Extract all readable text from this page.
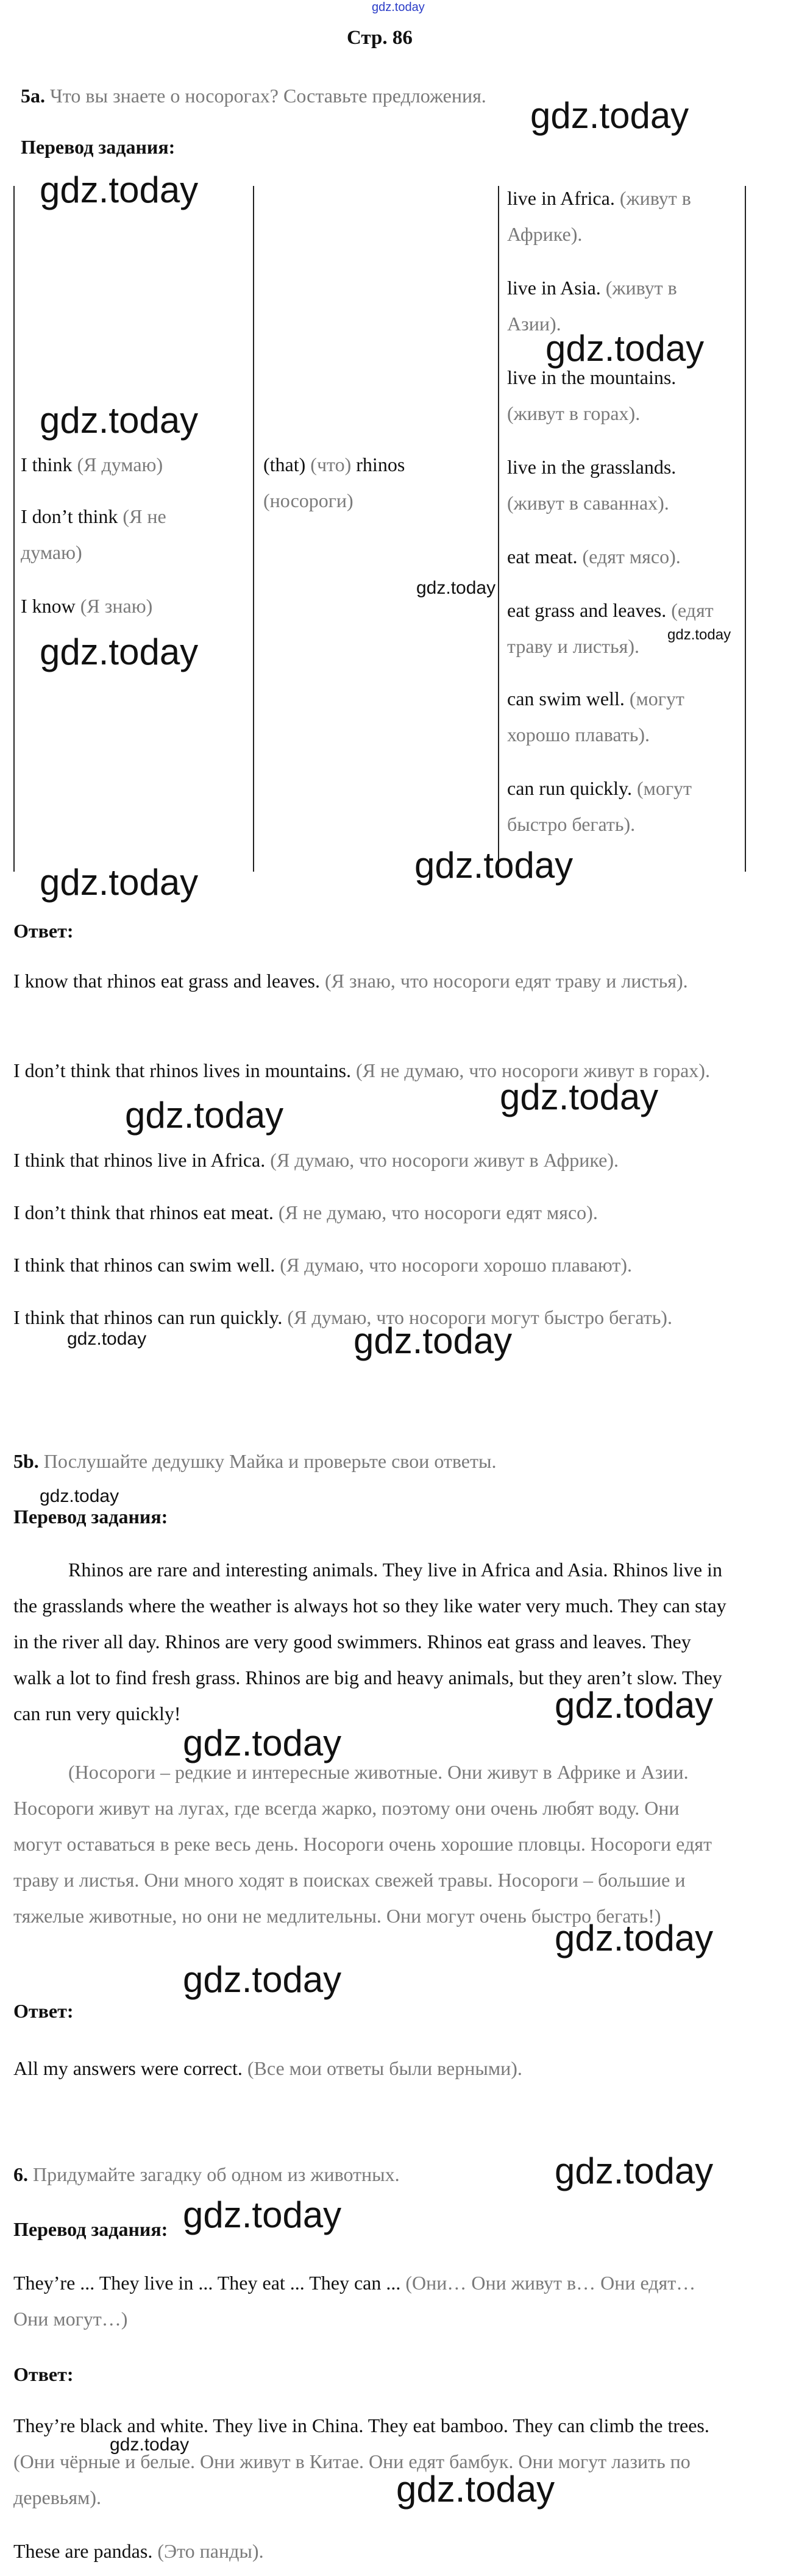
gdz.today
Стр. 86
5a. Что вы знаете о носорогах? Составьте предложения.
Перевод задания:
I think (Я думаю)
I don’t think (Я не думаю)
I know (Я знаю)
(that) (что) rhinos (носороги)
live in Africa. (живут в Африке).
live in Asia. (живут в Азии).
live in the mountains. (живут в горах).
live in the grasslands. (живут в саваннах).
eat meat. (едят мясо).
eat grass and leaves. (едят траву и листья).
can swim well. (могут хорошо плавать).
can run quickly. (могут быстро бегать).
Ответ:
I know that rhinos eat grass and leaves. (Я знаю, что носороги едят траву и листья).
I don’t think that rhinos lives in mountains. (Я не думаю, что носороги живут в горах).
I think that rhinos live in Africa. (Я думаю, что носороги живут в Африке).
I don’t think that rhinos eat meat. (Я не думаю, что носороги едят мясо).
I think that rhinos can swim well. (Я думаю, что носороги хорошо плавают).
I think that rhinos can run quickly. (Я думаю, что носороги могут быстро бегать).
5b. Послушайте дедушку Майка и проверьте свои ответы.
Перевод задания:
Rhinos are rare and interesting animals. They live in Africa and Asia. Rhinos live in the grasslands where the weather is always hot so they like water very much. They can stay in the river all day. Rhinos are very good swimmers. Rhinos eat grass and leaves. They walk a lot to find fresh grass. Rhinos are big and heavy animals, but they aren’t slow. They can run very quickly!
(Носороги – редкие и интересные животные. Они живут в Африке и Азии. Носороги живут на лугах, где всегда жарко, поэтому они очень любят воду. Они могут оставаться в реке весь день. Носороги очень хорошие пловцы. Носороги едят траву и листья. Они много ходят в поисках свежей травы. Носороги – большие и тяжелые животные, но они не медлительны. Они могут очень быстро бегать!)
Ответ:
All my answers were correct. (Все мои ответы были верными).
6. Придумайте загадку об одном из животных.
Перевод задания:
They’re ... They live in ... They eat ... They can ... (Они… Они живут в… Они едят… Они могут…)
Ответ:
They’re black and white. They live in China. They eat bamboo. They can climb the trees. (Они чёрные и белые. Они живут в Китае. Они едят бамбук. Они могут лазить по деревьям).
These are pandas. (Это панды).
gdz.today
gdz.today
gdz.today
gdz.today
gdz.today
gdz.today
gdz.today
gdz.today
gdz.today
gdz.today
gdz.today
gdz.today
gdz.today
gdz.today
gdz.today
gdz.today
gdz.today
gdz.today
gdz.today
gdz.today
gdz.today
gdz.today
